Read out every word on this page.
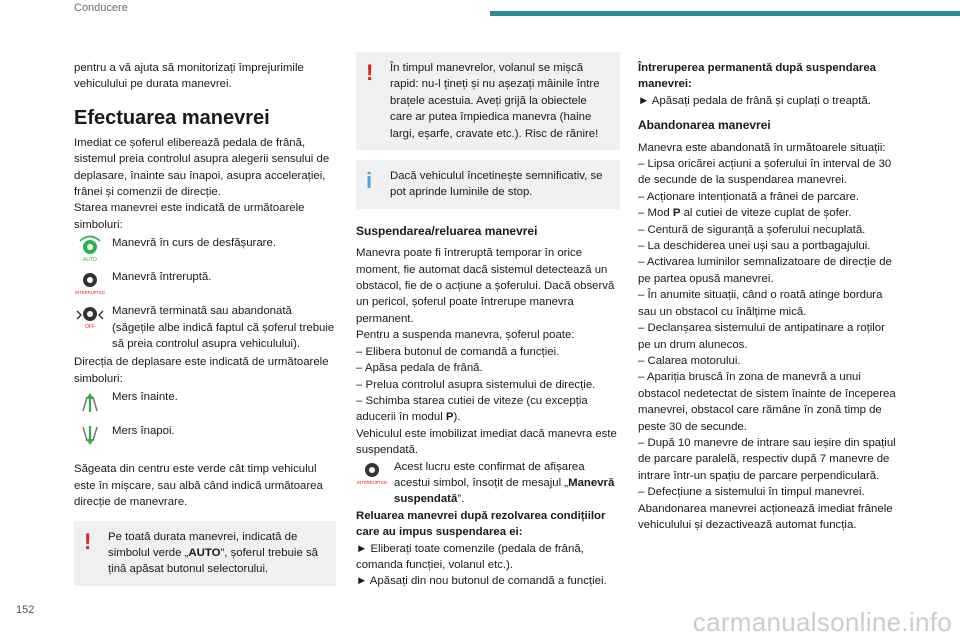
Conducere

pentru a vă ajuta să monitorizați împrejurimile vehiculului pe durata manevrei.

Efectuarea manevrei

Imediat ce șoferul eliberează pedala de frână, sistemul preia controlul asupra alegerii sensului de deplasare, înainte sau înapoi, asupra accelerației, frânei și comenzii de direcție.

Starea manevrei este indicată de următoarele simboluri:

AUTO
Manevră în curs de desfășurare.
INTERRUPTED
Manevră întreruptă.
OFF
Manevră terminată sau abandonată (săgețile albe indică faptul că șoferul trebuie să preia controlul asupra vehiculului).

Direcția de deplasare este indicată de următoarele simboluri:

Mers înainte.
Mers înapoi.

Săgeata din centru este verde cât timp vehiculul este în mișcare, sau albă când indică următoarea direcție de manevrare.

! Pe toată durata manevrei, indicată de simbolul verde „AUTO”, șoferul trebuie să țină apăsat butonul selectorului.
! În timpul manevrelor, volanul se mișcă rapid: nu-l țineți și nu așezați mâinile între brațele acestuia. Aveți grijă la obiectele care ar putea împiedica manevra (haine largi, eșarfe, cravate etc.). Risc de rănire!
i Dacă vehiculul încetinește semnificativ, se pot aprinde luminile de stop.
Suspendarea/reluarea manevrei

Manevra poate fi întreruptă temporar în orice moment, fie automat dacă sistemul detectează un obstacol, fie de o acțiune a șoferului. Dacă observă un pericol, șoferul poate întrerupe manevra permanent.

Pentru a suspenda manevra, șoferul poate:

– Elibera butonul de comandă a funcției.

– Apăsa pedala de frână.

– Prelua controlul asupra sistemului de direcție.

– Schimba starea cutiei de viteze (cu excepția aducerii în modul P).

Vehiculul este imobilizat imediat dacă manevra este suspendată.

INTERRUPTED
Acest lucru este confirmat de afișarea acestui simbol, însoțit de mesajul „Manevră suspendată”.

Reluarea manevrei după rezolvarea condițiilor care au impus suspendarea ei:

► Eliberați toate comenzile (pedala de frână, comanda funcției, volanul etc.).

► Apăsați din nou butonul de comandă a funcției.

Întreruperea permanentă după suspendarea manevrei:

► Apăsați pedala de frână și cuplați o treaptă.

Abandonarea manevrei

Manevra este abandonată în următoarele situații:

– Lipsa oricărei acțiuni a șoferului în interval de 30 de secunde de la suspendarea manevrei.

– Acționare intenționată a frânei de parcare.

– Mod P al cutiei de viteze cuplat de șofer.

– Centură de siguranță a șoferului necuplată.

– La deschiderea unei uși sau a portbagajului.

– Activarea luminilor semnalizatoare de direcție de pe partea opusă manevrei.

– În anumite situații, când o roată atinge bordura sau un obstacol cu înălțime mică.

– Declanșarea sistemului de antipatinare a roților pe un drum alunecos.

– Calarea motorului.

– Apariția bruscă în zona de manevră a unui obstacol nedetectat de sistem înainte de începerea manevrei, obstacol care rămâne în zonă timp de peste 30 de secunde.

– După 10 manevre de intrare sau ieșire din spațiul de parcare paralelă, respectiv după 7 manevre de intrare într-un spațiu de parcare perpendiculară.

– Defecțiune a sistemului în timpul manevrei.

Abandonarea manevrei acționează imediat frânele vehiculului și dezactivează automat funcția.

152	carmanualsonline.info
